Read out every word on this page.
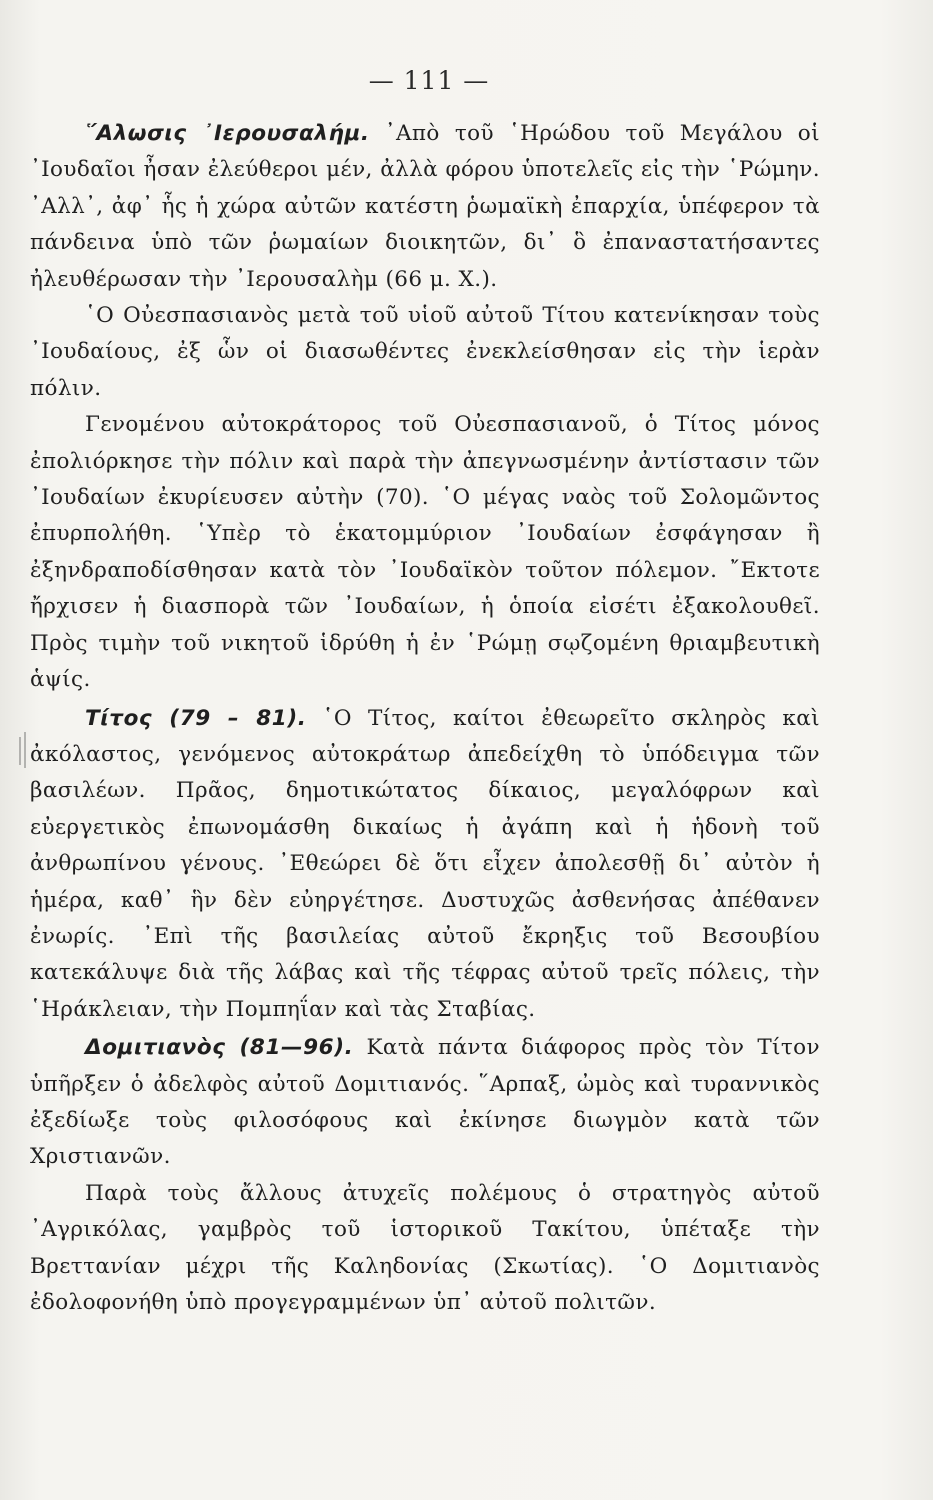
— 111 —

῞Αλωσις ᾿Ιερουσαλήμ. ᾿Απὸ τοῦ ῾Ηρώδου τοῦ Μεγάλου οἱ ᾿Ιουδαῖοι ἦσαν ἐλεύθεροι μέν, ἀλλὰ φόρου ὑποτελεῖς εἰς τὴν ῾Ρώμην. ᾿Αλλ᾿, ἀφ᾿ ἧς ἡ χώρα αὐτῶν κατέστη ῥωμαϊκὴ ἐπαρχία, ὑπέφερον τὰ πάνδεινα ὑπὸ τῶν ῥωμαίων διοικητῶν, δι᾿ ὃ ἐπαναστατήσαντες ἠλευθέρωσαν τὴν ᾿Ιερουσαλὴμ (66 μ. Χ.).

῾Ο Οὐεσπασιανὸς μετὰ τοῦ υἱοῦ αὐτοῦ Τίτου κατενίκησαν τοὺς ᾿Ιουδαίους, ἐξ ὧν οἱ διασωθέντες ἐνεκλείσθησαν εἰς τὴν ἱερὰν πόλιν.

Γενομένου αὐτοκράτορος τοῦ Οὐεσπασιανοῦ, ὁ Τίτος μόνος ἐπολιόρκησε τὴν πόλιν καὶ παρὰ τὴν ἀπεγνωσμένην ἀντίστασιν τῶν ᾿Ιουδαίων ἐκυρίευσεν αὐτὴν (70). ῾Ο μέγας ναὸς τοῦ Σολομῶντος ἐπυρπολήθη. ῾Υπὲρ τὸ ἑκατομμύριον ᾿Ιουδαίων ἐσφάγησαν ἢ ἐξηνδραποδίσθησαν κατὰ τὸν ᾿Ιουδαϊκὸν τοῦτον πόλεμον. ῎Εκτοτε ἤρχισεν ἡ διασπορὰ τῶν ᾿Ιουδαίων, ἡ ὁποία εἰσέτι ἐξακολουθεῖ. Πρὸς τιμὴν τοῦ νικητοῦ ἱδρύθη ἡ ἐν ῾Ρώμῃ σῳζομένη θριαμβευτικὴ ἁψίς.

Τίτος (79 – 81). ῾Ο Τίτος, καίτοι ἐθεωρεῖτο σκληρὸς καὶ ἀκόλαστος, γενόμενος αὐτοκράτωρ ἀπεδείχθη τὸ ὑπόδειγμα τῶν βασιλέων. Πρᾶος, δημοτικώτατος δίκαιος, μεγαλόφρων καὶ εὐεργετικὸς ἐπωνομάσθη δικαίως ἡ ἀγάπη καὶ ἡ ἡδονὴ τοῦ ἀνθρωπίνου γένους. ᾿Εθεώρει δὲ ὅτι εἶχεν ἀπολεσθῇ δι᾿ αὐτὸν ἡ ἡμέρα, καθ᾿ ἣν δὲν εὐηργέτησε. Δυστυχῶς ἀσθενήσας ἀπέθανεν ἐνωρίς. ᾿Επὶ τῆς βασιλείας αὐτοῦ ἔκρηξις τοῦ Βεσουβίου κατεκάλυψε διὰ τῆς λάβας καὶ τῆς τέφρας αὐτοῦ τρεῖς πόλεις, τὴν ῾Ηράκλειαν, τὴν Πομπηΐαν καὶ τὰς Σταβίας.

Δομιτιανὸς (81—96). Κατὰ πάντα διάφορος πρὸς τὸν Τίτον ὑπῆρξεν ὁ ἀδελφὸς αὐτοῦ Δομιτιανός. ῞Αρπαξ, ὠμὸς καὶ τυραννικὸς ἐξεδίωξε τοὺς φιλοσόφους καὶ ἐκίνησε διωγμὸν κατὰ τῶν Χριστιανῶν.

Παρὰ τοὺς ἄλλους ἀτυχεῖς πολέμους ὁ στρατηγὸς αὐτοῦ ᾿Αγρικόλας, γαμβρὸς τοῦ ἱστορικοῦ Τακίτου, ὑπέταξε τὴν Βρεττανίαν μέχρι τῆς Καληδονίας (Σκωτίας). ῾Ο Δομιτιανὸς ἐδολοφονήθη ὑπὸ προγεγραμμένων ὑπ᾿ αὐτοῦ πολιτῶν.
